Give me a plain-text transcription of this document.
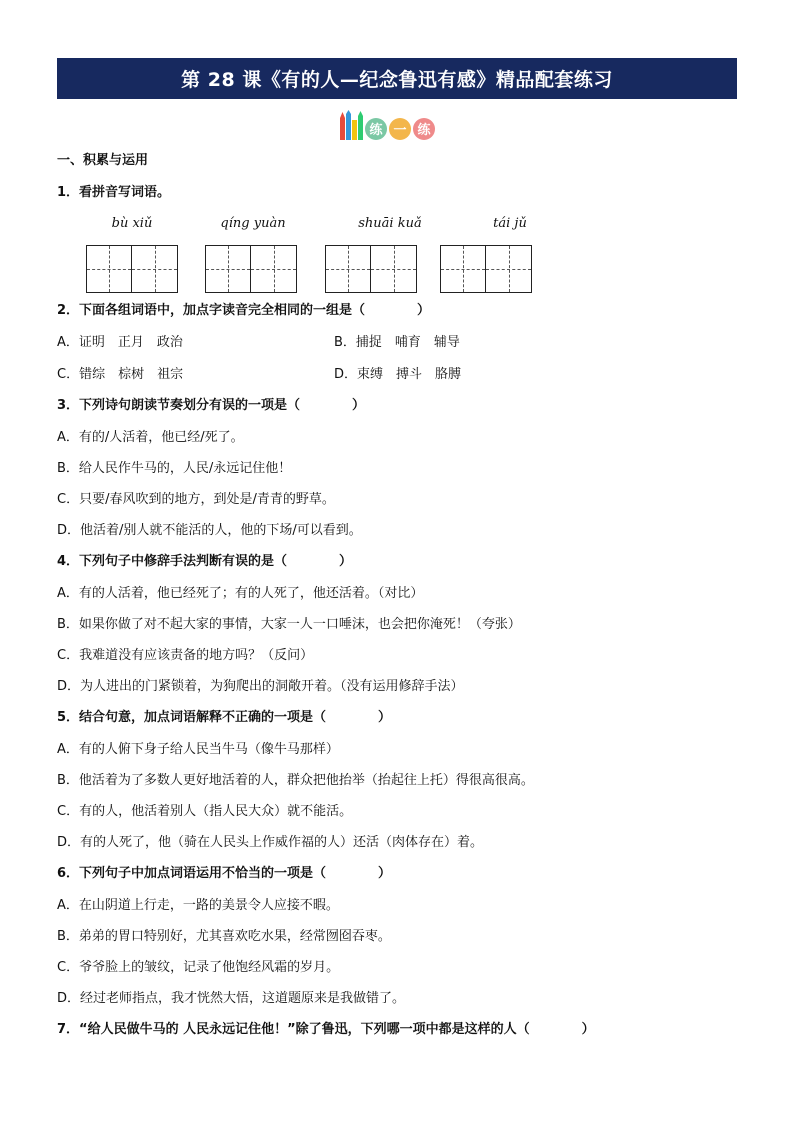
第 28 课《有的人—纪念鲁迅有感》精品配套练习
练 一 练
一、积累与运用
1．看拼音写词语。
bù xiǔ	qíng yuàn	shuāi kuǎ	tái jǔ
2．下面各组词语中，加点字读音完全相同的一组是（　　　　）
A．证明　正月　政治	B．捕捉　哺育　辅导
C．错综　棕树　祖宗	D．束缚　搏斗　胳膊
3．下列诗句朗读节奏划分有误的一项是（　　　　）
A．有的/人活着，他已经/死了。
B．给人民作牛马的，人民/永远记住他！
C．只要/春风吹到的地方，到处是/青青的野草。
D．他活着/别人就不能活的人，他的下场/可以看到。
4．下列句子中修辞手法判断有误的是（　　　　）
A．有的人活着，他已经死了；有的人死了，他还活着。（对比）
B．如果你做了对不起大家的事情，大家一人一口唾沫，也会把你淹死！（夸张）
C．我难道没有应该责备的地方吗？（反问）
D．为人进出的门紧锁着，为狗爬出的洞敞开着。（没有运用修辞手法）
5．结合句意，加点词语解释不正确的一项是（　　　　）
A．有的人俯下身子给人民当牛马（像牛马那样）
B．他活着为了多数人更好地活着的人，群众把他抬举（抬起往上托）得很高很高。
C．有的人，他活着别人（指人民大众）就不能活。
D．有的人死了，他（骑在人民头上作威作福的人）还活（肉体存在）着。
6．下列句子中加点词语运用不恰当的一项是（　　　　）
A．在山阴道上行走，一路的美景令人应接不暇。
B．弟弟的胃口特别好，尤其喜欢吃水果，经常囫囵吞枣。
C．爷爷脸上的皱纹，记录了他饱经风霜的岁月。
D．经过老师指点，我才恍然大悟，这道题原来是我做错了。
7．“给人民做牛马的 人民永远记住他！”除了鲁迅，下列哪一项中都是这样的人（　　　　）
